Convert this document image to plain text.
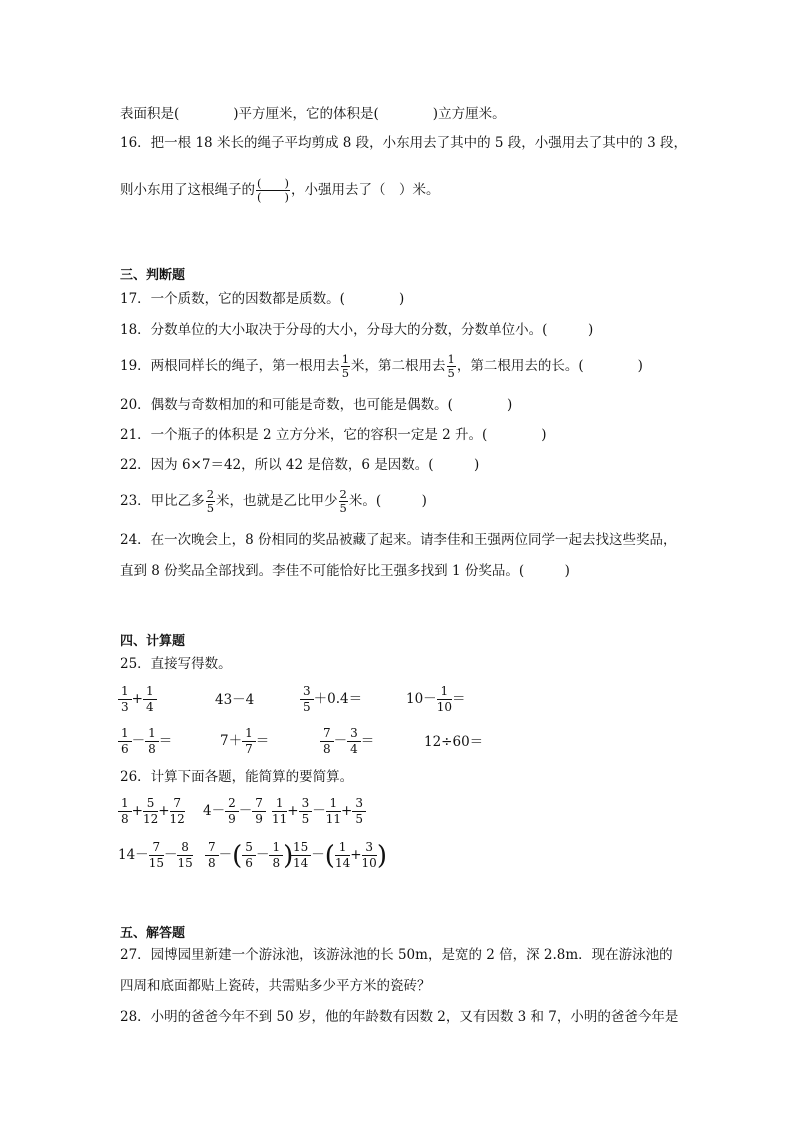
表面积是(　　　　)平方厘米，它的体积是(　　　　)立方厘米。
16．把一根 18 米长的绳子平均剪成 8 段，小东用去了其中的 5 段，小强用去了其中的 3 段，
则小东用了这根绳子的 $\frac{( )}{( )}$ ，小强用去了（　）米。
三、判断题
17．一个质数，它的因数都是质数。(　　　　)
18．分数单位的大小取决于分母的大小，分母大的分数，分数单位小。(　　　)
19．两根同样长的绳子，第一根用去 $\frac{1}{5}$ 米，第二根用去 $\frac{1}{5}$ ，第二根用去的长。(　　　　)
20．偶数与奇数相加的和可能是奇数，也可能是偶数。(　　　　)
21．一个瓶子的体积是 2 立方分米，它的容积一定是 2 升。(　　　　)
22．因为 6×7＝42，所以 42 是倍数，6 是因数。(　　　)
23．甲比乙多 $\frac{2}{5}$ 米，也就是乙比甲少 $\frac{2}{5}$ 米。(　　　)
24．在一次晚会上，8 份相同的奖品被藏了起来。请李佳和王强两位同学一起去找这些奖品，
直到 8 份奖品全部找到。李佳不可能恰好比王强多找到 1 份奖品。(　　　)
四、计算题
25．直接写得数。
$\frac{1}{3} + \frac{1}{4}$	43－4	$\frac{3}{5} +0.4=$	$10- \frac{1}{10}$ ＝
$\frac{1}{6} - \frac{1}{8}$ ＝	$7+ \frac{1}{7}$ ＝	$\frac{7}{8} - \frac{3}{4}$ ＝	12÷60＝
26．计算下面各题，能简算的要简算。
$\frac{1}{8} + \frac{5}{12} + \frac{7}{12} 4- \frac{2}{9} - \frac{7}{9} \frac{1}{11} + \frac{3}{5} - \frac{1}{11} + \frac{3}{5}$
$14- \frac{7}{15} - \frac{8}{15} \frac{7}{8}$ －( $\frac{5}{6} - \frac{1}{8}$ )
$\frac{15}{14}$ －( $\frac{1}{14} + \frac{3}{10}$ )
五、解答题
27．园博园里新建一个游泳池，该游泳池的长 50m，是宽的 2 倍，深 2.8m．现在游泳池的
四周和底面都贴上瓷砖，共需贴多少平方米的瓷砖？
28．小明的爸爸今年不到 50 岁，他的年龄数有因数 2，又有因数 3 和 7，小明的爸爸今年是
